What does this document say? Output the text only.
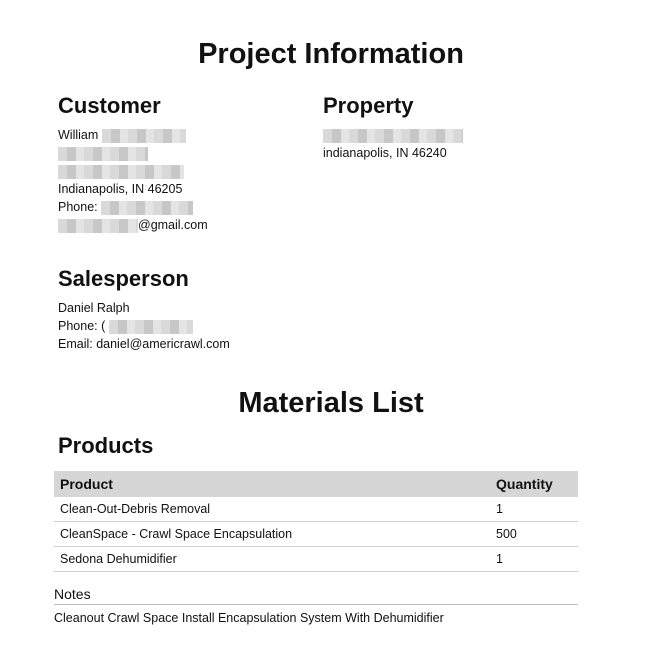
Project Information
Customer
William
Indianapolis, IN 46205
Phone:
@gmail.com
Property
indianapolis, IN 46240
Salesperson
Daniel Ralph
Phone: (
Email: daniel@americrawl.com
Materials List
Products
Product	Quantity
Clean-Out-Debris Removal	1
CleanSpace - Crawl Space Encapsulation	500
Sedona Dehumidifier	1
Notes
Cleanout Crawl Space Install Encapsulation System With Dehumidifier
